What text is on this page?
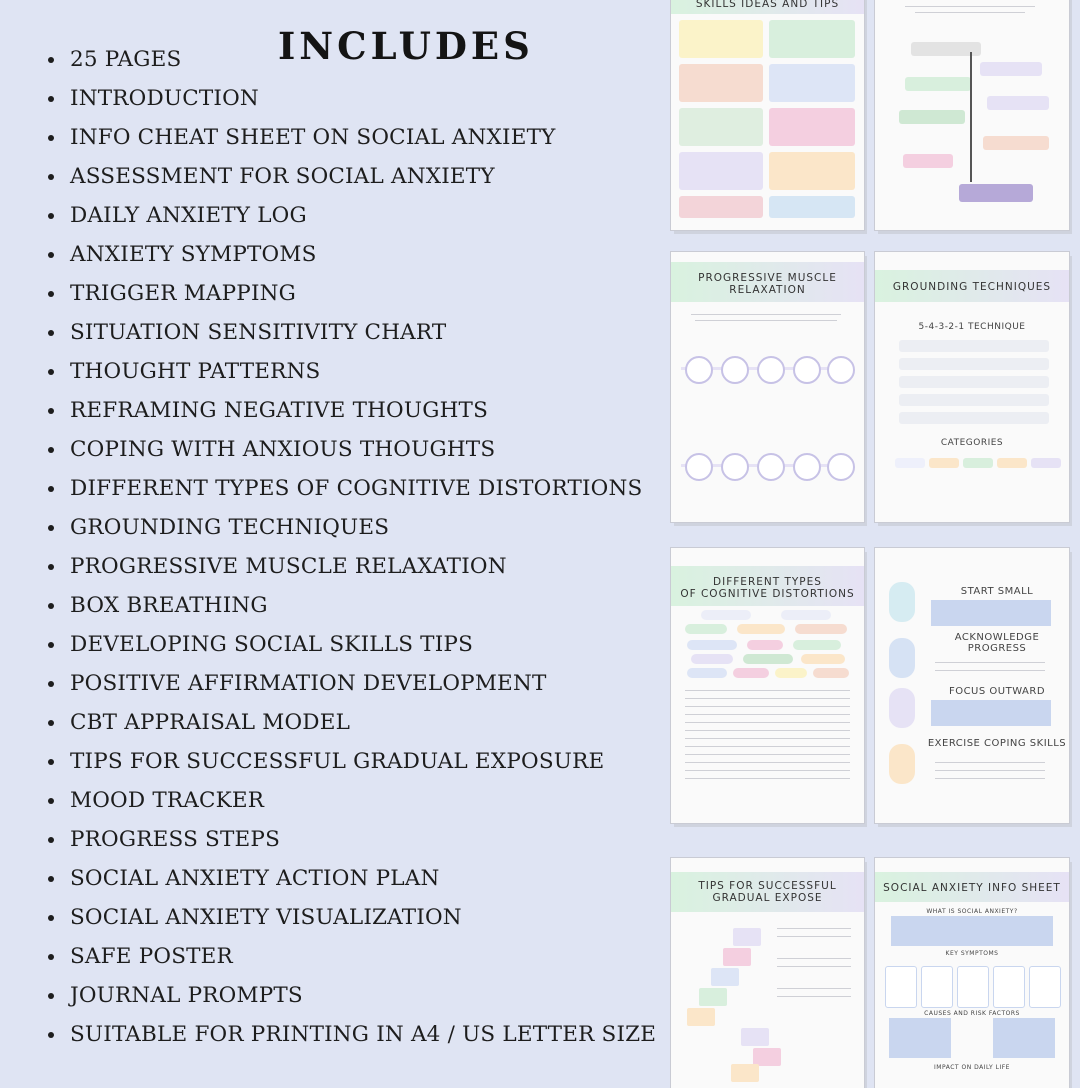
INCLUDES
25 PAGES
INTRODUCTION
INFO CHEAT SHEET ON SOCIAL ANXIETY
ASSESSMENT FOR SOCIAL ANXIETY
DAILY ANXIETY LOG
ANXIETY SYMPTOMS
TRIGGER MAPPING
SITUATION SENSITIVITY CHART
THOUGHT PATTERNS
REFRAMING NEGATIVE THOUGHTS
COPING WITH ANXIOUS THOUGHTS
DIFFERENT TYPES OF COGNITIVE DISTORTIONS
GROUNDING TECHNIQUES
PROGRESSIVE MUSCLE RELAXATION
BOX BREATHING
DEVELOPING SOCIAL SKILLS TIPS
POSITIVE AFFIRMATION DEVELOPMENT
CBT APPRAISAL MODEL
TIPS FOR SUCCESSFUL GRADUAL EXPOSURE
MOOD TRACKER
PROGRESS STEPS
SOCIAL ANXIETY ACTION PLAN
SOCIAL ANXIETY VISUALIZATION
SAFE POSTER
JOURNAL PROMPTS
SUITABLE FOR PRINTING IN A4 / US LETTER SIZE
SKILLS IDEAS AND TIPS
PROGRESSIVE MUSCLE
RELAXATION	GROUNDING TECHNIQUES
5-4-3-2-1 TECHNIQUE
CATEGORIES
DIFFERENT TYPES
OF COGNITIVE DISTORTIONS	START SMALL
ACKNOWLEDGE PROGRESS
FOCUS OUTWARD
EXERCISE COPING SKILLS
TIPS FOR SUCCESSFUL
GRADUAL EXPOSE
SOCIAL ANXIETY INFO SHEET
WHAT IS SOCIAL ANXIETY?
KEY SYMPTOMS
CAUSES AND RISK FACTORS
IMPACT ON DAILY LIFE
